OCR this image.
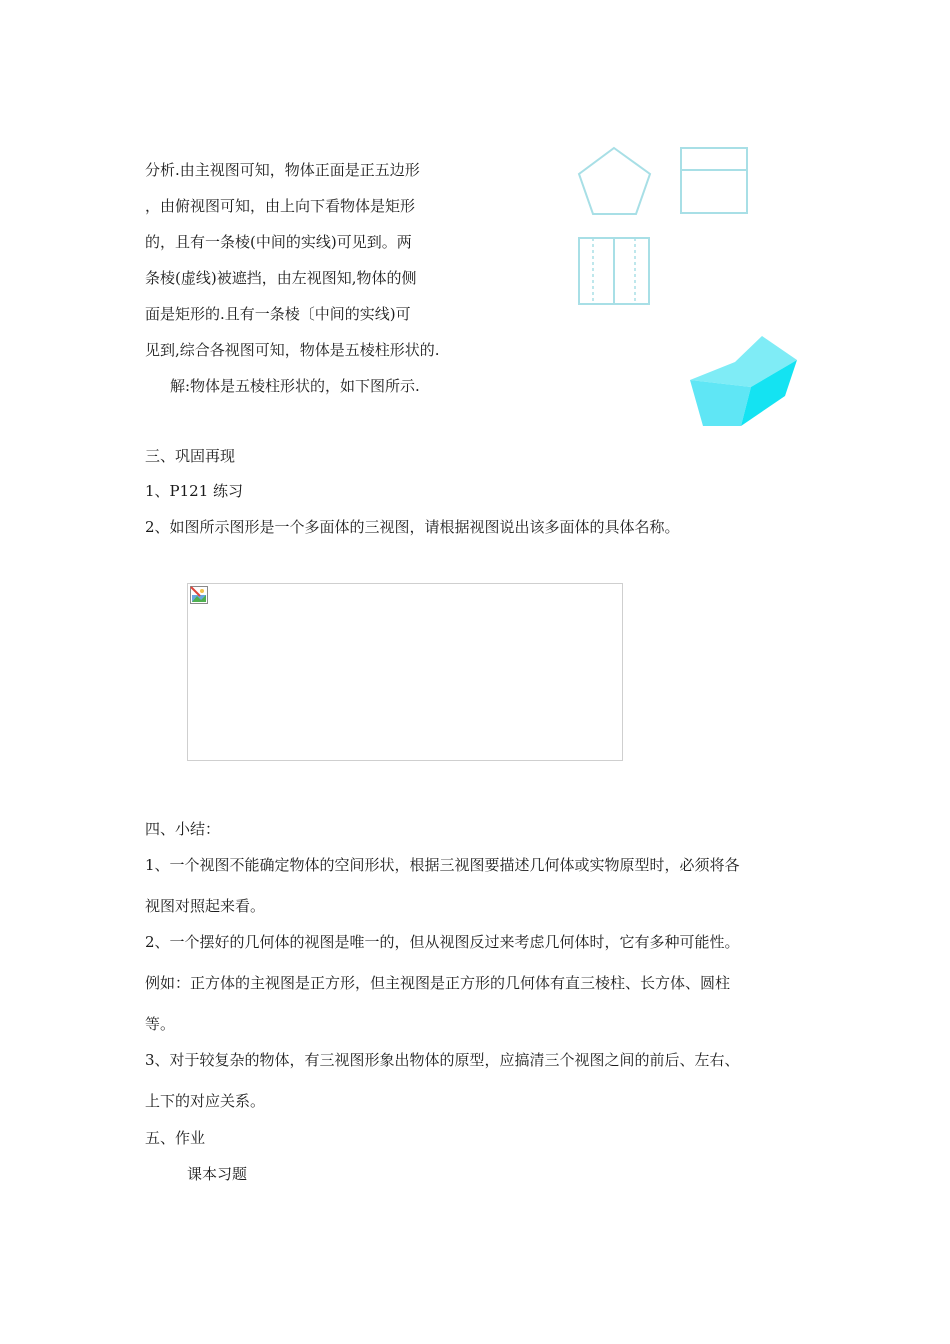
分析.由主视图可知，物体正面是正五边形
，由俯视图可知，由上向下看物体是矩形
的，且有一条棱(中间的实线)可见到。两
条棱(虚线)被遮挡，由左视图知,物体的侧
面是矩形的.且有一条棱〔中间的实线)可
见到,综合各视图可知，物体是五棱柱形状的.
解:物体是五棱柱形状的，如下图所示.
三、巩固再现
1、P121 练习
2、如图所示图形是一个多面体的三视图，请根据视图说出该多面体的具体名称。
四、小结：
1、一个视图不能确定物体的空间形状，根据三视图要描述几何体或实物原型时，必须将各
视图对照起来看。
2、一个摆好的几何体的视图是唯一的，但从视图反过来考虑几何体时，它有多种可能性。
例如：正方体的主视图是正方形，但主视图是正方形的几何体有直三棱柱、长方体、圆柱
等。
3、对于较复杂的物体，有三视图形象出物体的原型，应搞清三个视图之间的前后、左右、
上下的对应关系。
五、作业
课本习题
